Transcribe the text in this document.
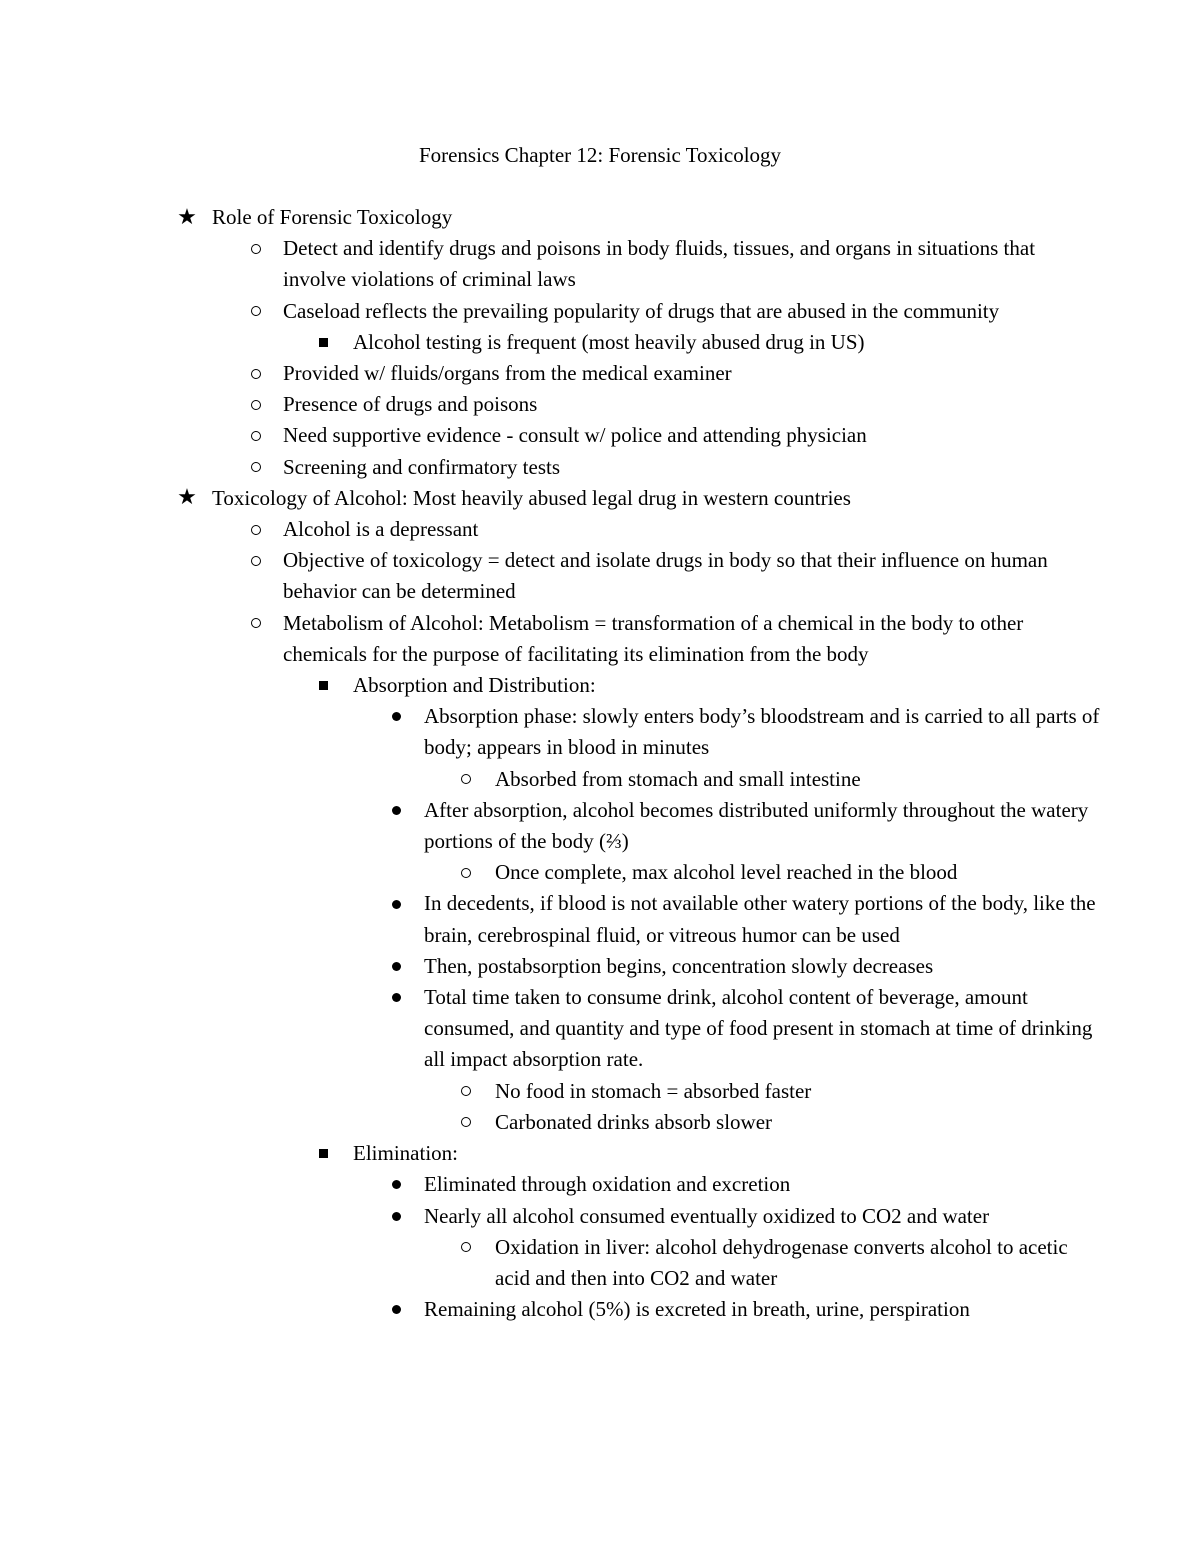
Forensics Chapter 12: Forensic Toxicology
★ Role of Forensic Toxicology
Detect and identify drugs and poisons in body fluids, tissues, and organs in situations that involve violations of criminal laws
Caseload reflects the prevailing popularity of drugs that are abused in the community
Alcohol testing is frequent (most heavily abused drug in US)
Provided w/ fluids/organs from the medical examiner
Presence of drugs and poisons
Need supportive evidence - consult w/ police and attending physician
Screening and confirmatory tests
★ Toxicology of Alcohol: Most heavily abused legal drug in western countries
Alcohol is a depressant
Objective of toxicology = detect and isolate drugs in body so that their influence on human behavior can be determined
Metabolism of Alcohol: Metabolism = transformation of a chemical in the body to other chemicals for the purpose of facilitating its elimination from the body
Absorption and Distribution:
Absorption phase: slowly enters body’s bloodstream and is carried to all parts of body; appears in blood in minutes
Absorbed from stomach and small intestine
After absorption, alcohol becomes distributed uniformly throughout the watery portions of the body (⅔)
Once complete, max alcohol level reached in the blood
In decedents, if blood is not available other watery portions of the body, like the brain, cerebrospinal fluid, or vitreous humor can be used
Then, postabsorption begins, concentration slowly decreases
Total time taken to consume drink, alcohol content of beverage, amount consumed, and quantity and type of food present in stomach at time of drinking all impact absorption rate.
No food in stomach = absorbed faster
Carbonated drinks absorb slower
Elimination:
Eliminated through oxidation and excretion
Nearly all alcohol consumed eventually oxidized to CO2 and water
Oxidation in liver: alcohol dehydrogenase converts alcohol to acetic acid and then into CO2 and water
Remaining alcohol (5%) is excreted in breath, urine, perspiration
